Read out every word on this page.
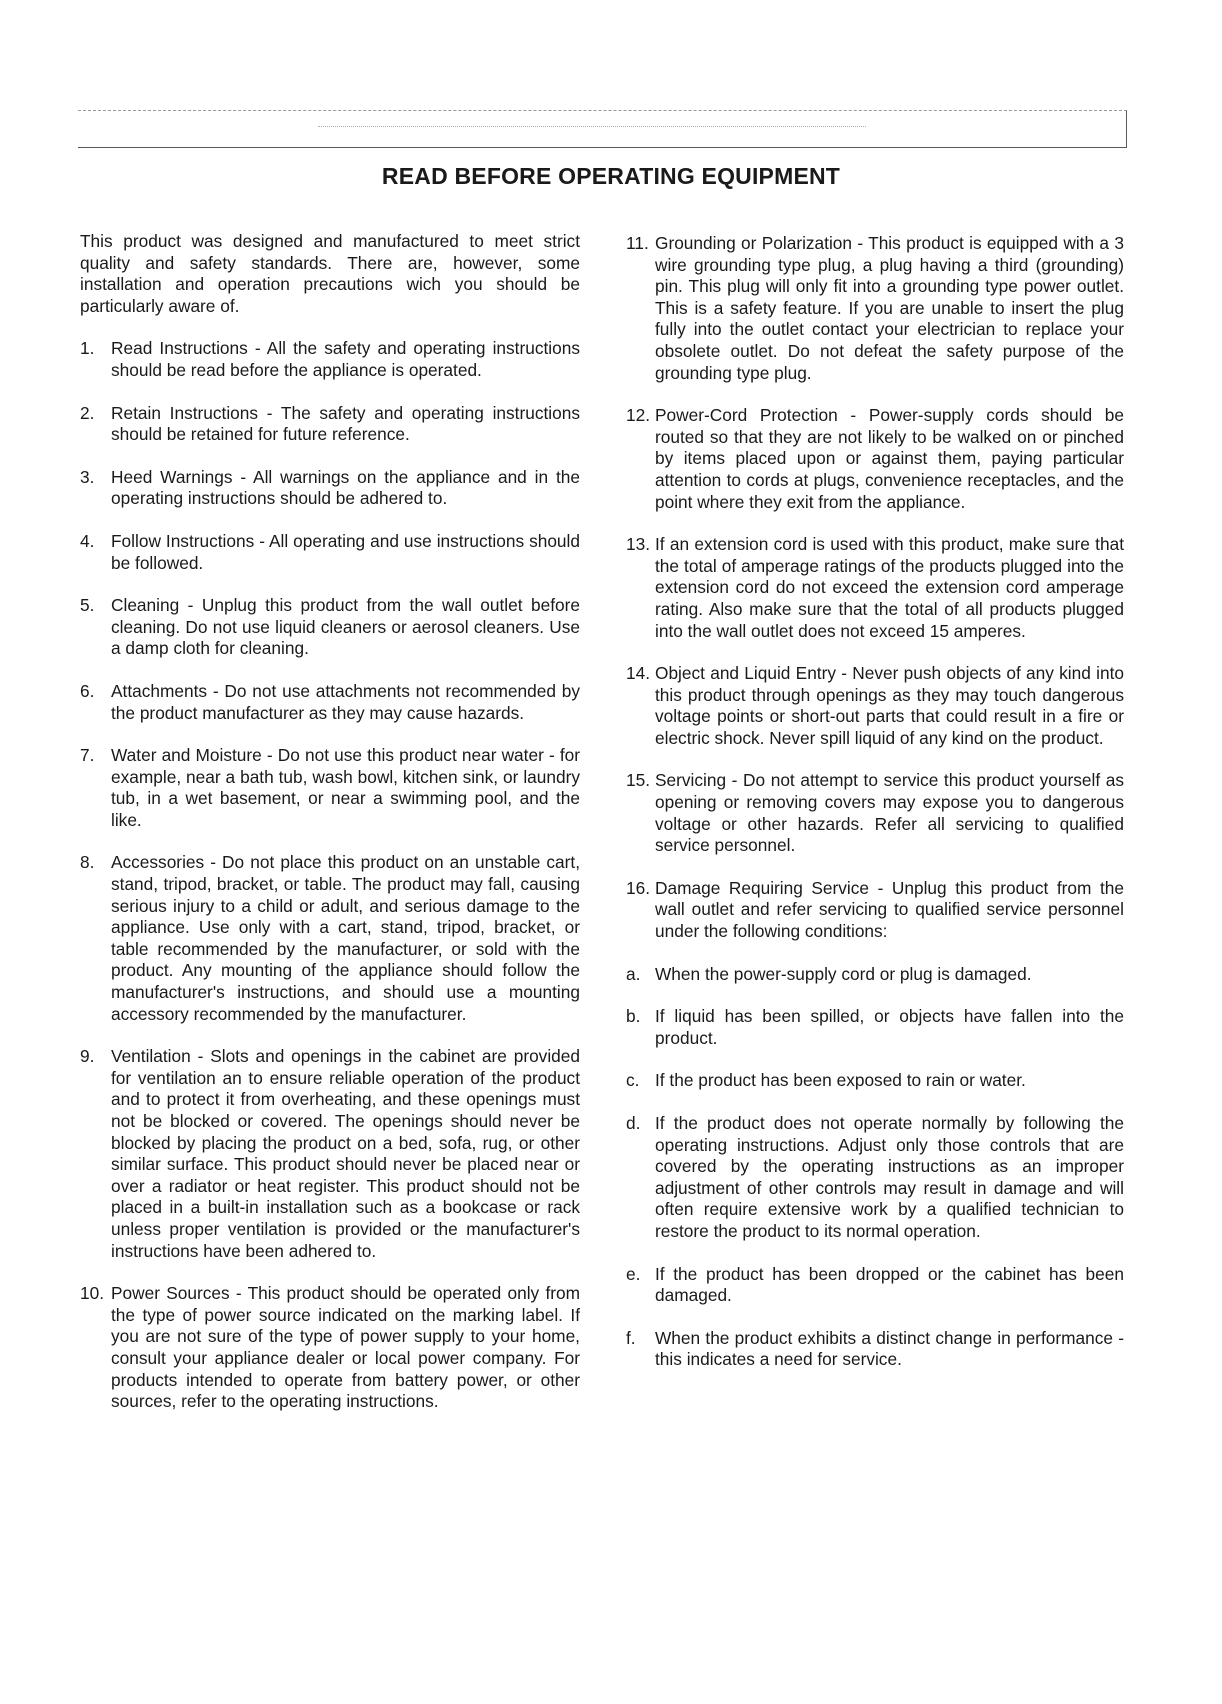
READ BEFORE OPERATING EQUIPMENT

This product was designed and manufactured to meet strict quality and safety standards. There are, however, some installation and operation precautions wich you should be particularly aware of.

1. Read Instructions - All the safety and operating instructions should be read before the appliance is operated.
2. Retain Instructions - The safety and operating instructions should be retained for future reference.
3. Heed Warnings - All warnings on the appliance and in the operating instructions should be adhered to.
4. Follow Instructions - All operating and use instructions should be followed.
5. Cleaning - Unplug this product from the wall outlet before cleaning. Do not use liquid cleaners or aerosol cleaners. Use a damp cloth for cleaning.
6. Attachments - Do not use attachments not recommended by the product manufacturer as they may cause hazards.
7. Water and Moisture - Do not use this product near water - for example, near a bath tub, wash bowl, kitchen sink, or laundry tub, in a wet basement, or near a swimming pool, and the like.
8. Accessories - Do not place this product on an unstable cart, stand, tripod, bracket, or table. The product may fall, causing serious injury to a child or adult, and serious damage to the appliance. Use only with a cart, stand, tripod, bracket, or table recommended by the manufacturer, or sold with the product. Any mounting of the appliance should follow the manufacturer's instructions, and should use a mounting accessory recommended by the manufacturer.
9. Ventilation - Slots and openings in the cabinet are provided for ventilation an to ensure reliable operation of the product and to protect it from overheating, and these openings must not be blocked or covered. The openings should never be blocked by placing the product on a bed, sofa, rug, or other similar surface. This product should never be placed near or over a radiator or heat register. This product should not be placed in a built-in installation such as a bookcase or rack unless proper ventilation is provided or the manufacturer's instructions have been adhered to.
10. Power Sources - This product should be operated only from the type of power source indicated on the marking label. If you are not sure of the type of power supply to your home, consult your appliance dealer or local power company. For products intended to operate from battery power, or other sources, refer to the operating instructions.
11. Grounding or Polarization - This product is equipped with a 3 wire grounding type plug, a plug having a third (grounding) pin. This plug will only fit into a grounding type power outlet. This is a safety feature. If you are unable to insert the plug fully into the outlet contact your electrician to replace your obsolete outlet. Do not defeat the safety purpose of the grounding type plug.
12. Power-Cord Protection - Power-supply cords should be routed so that they are not likely to be walked on or pinched by items placed upon or against them, paying particular attention to cords at plugs, convenience receptacles, and the point where they exit from the appliance.
13. If an extension cord is used with this product, make sure that the total of amperage ratings of the products plugged into the extension cord do not exceed the extension cord amperage rating. Also make sure that the total of all products plugged into the wall outlet does not exceed 15 amperes.
14. Object and Liquid Entry - Never push objects of any kind into this product through openings as they may touch dangerous voltage points or short-out parts that could result in a fire or electric shock. Never spill liquid of any kind on the product.
15. Servicing - Do not attempt to service this product yourself as opening or removing covers may expose you to dangerous voltage or other hazards. Refer all servicing to qualified service personnel.
16. Damage Requiring Service - Unplug this product from the wall outlet and refer servicing to qualified service personnel under the following conditions:
a. When the power-supply cord or plug is damaged.
b. If liquid has been spilled, or objects have fallen into the product.
c. If the product has been exposed to rain or water.
d. If the product does not operate normally by following the operating instructions. Adjust only those controls that are covered by the operating instructions as an improper adjustment of other controls may result in damage and will often require extensive work by a qualified technician to restore the product to its normal operation.
e. If the product has been dropped or the cabinet has been damaged.
f.	When the product exhibits a distinct change in performance - this indicates a need for service.
